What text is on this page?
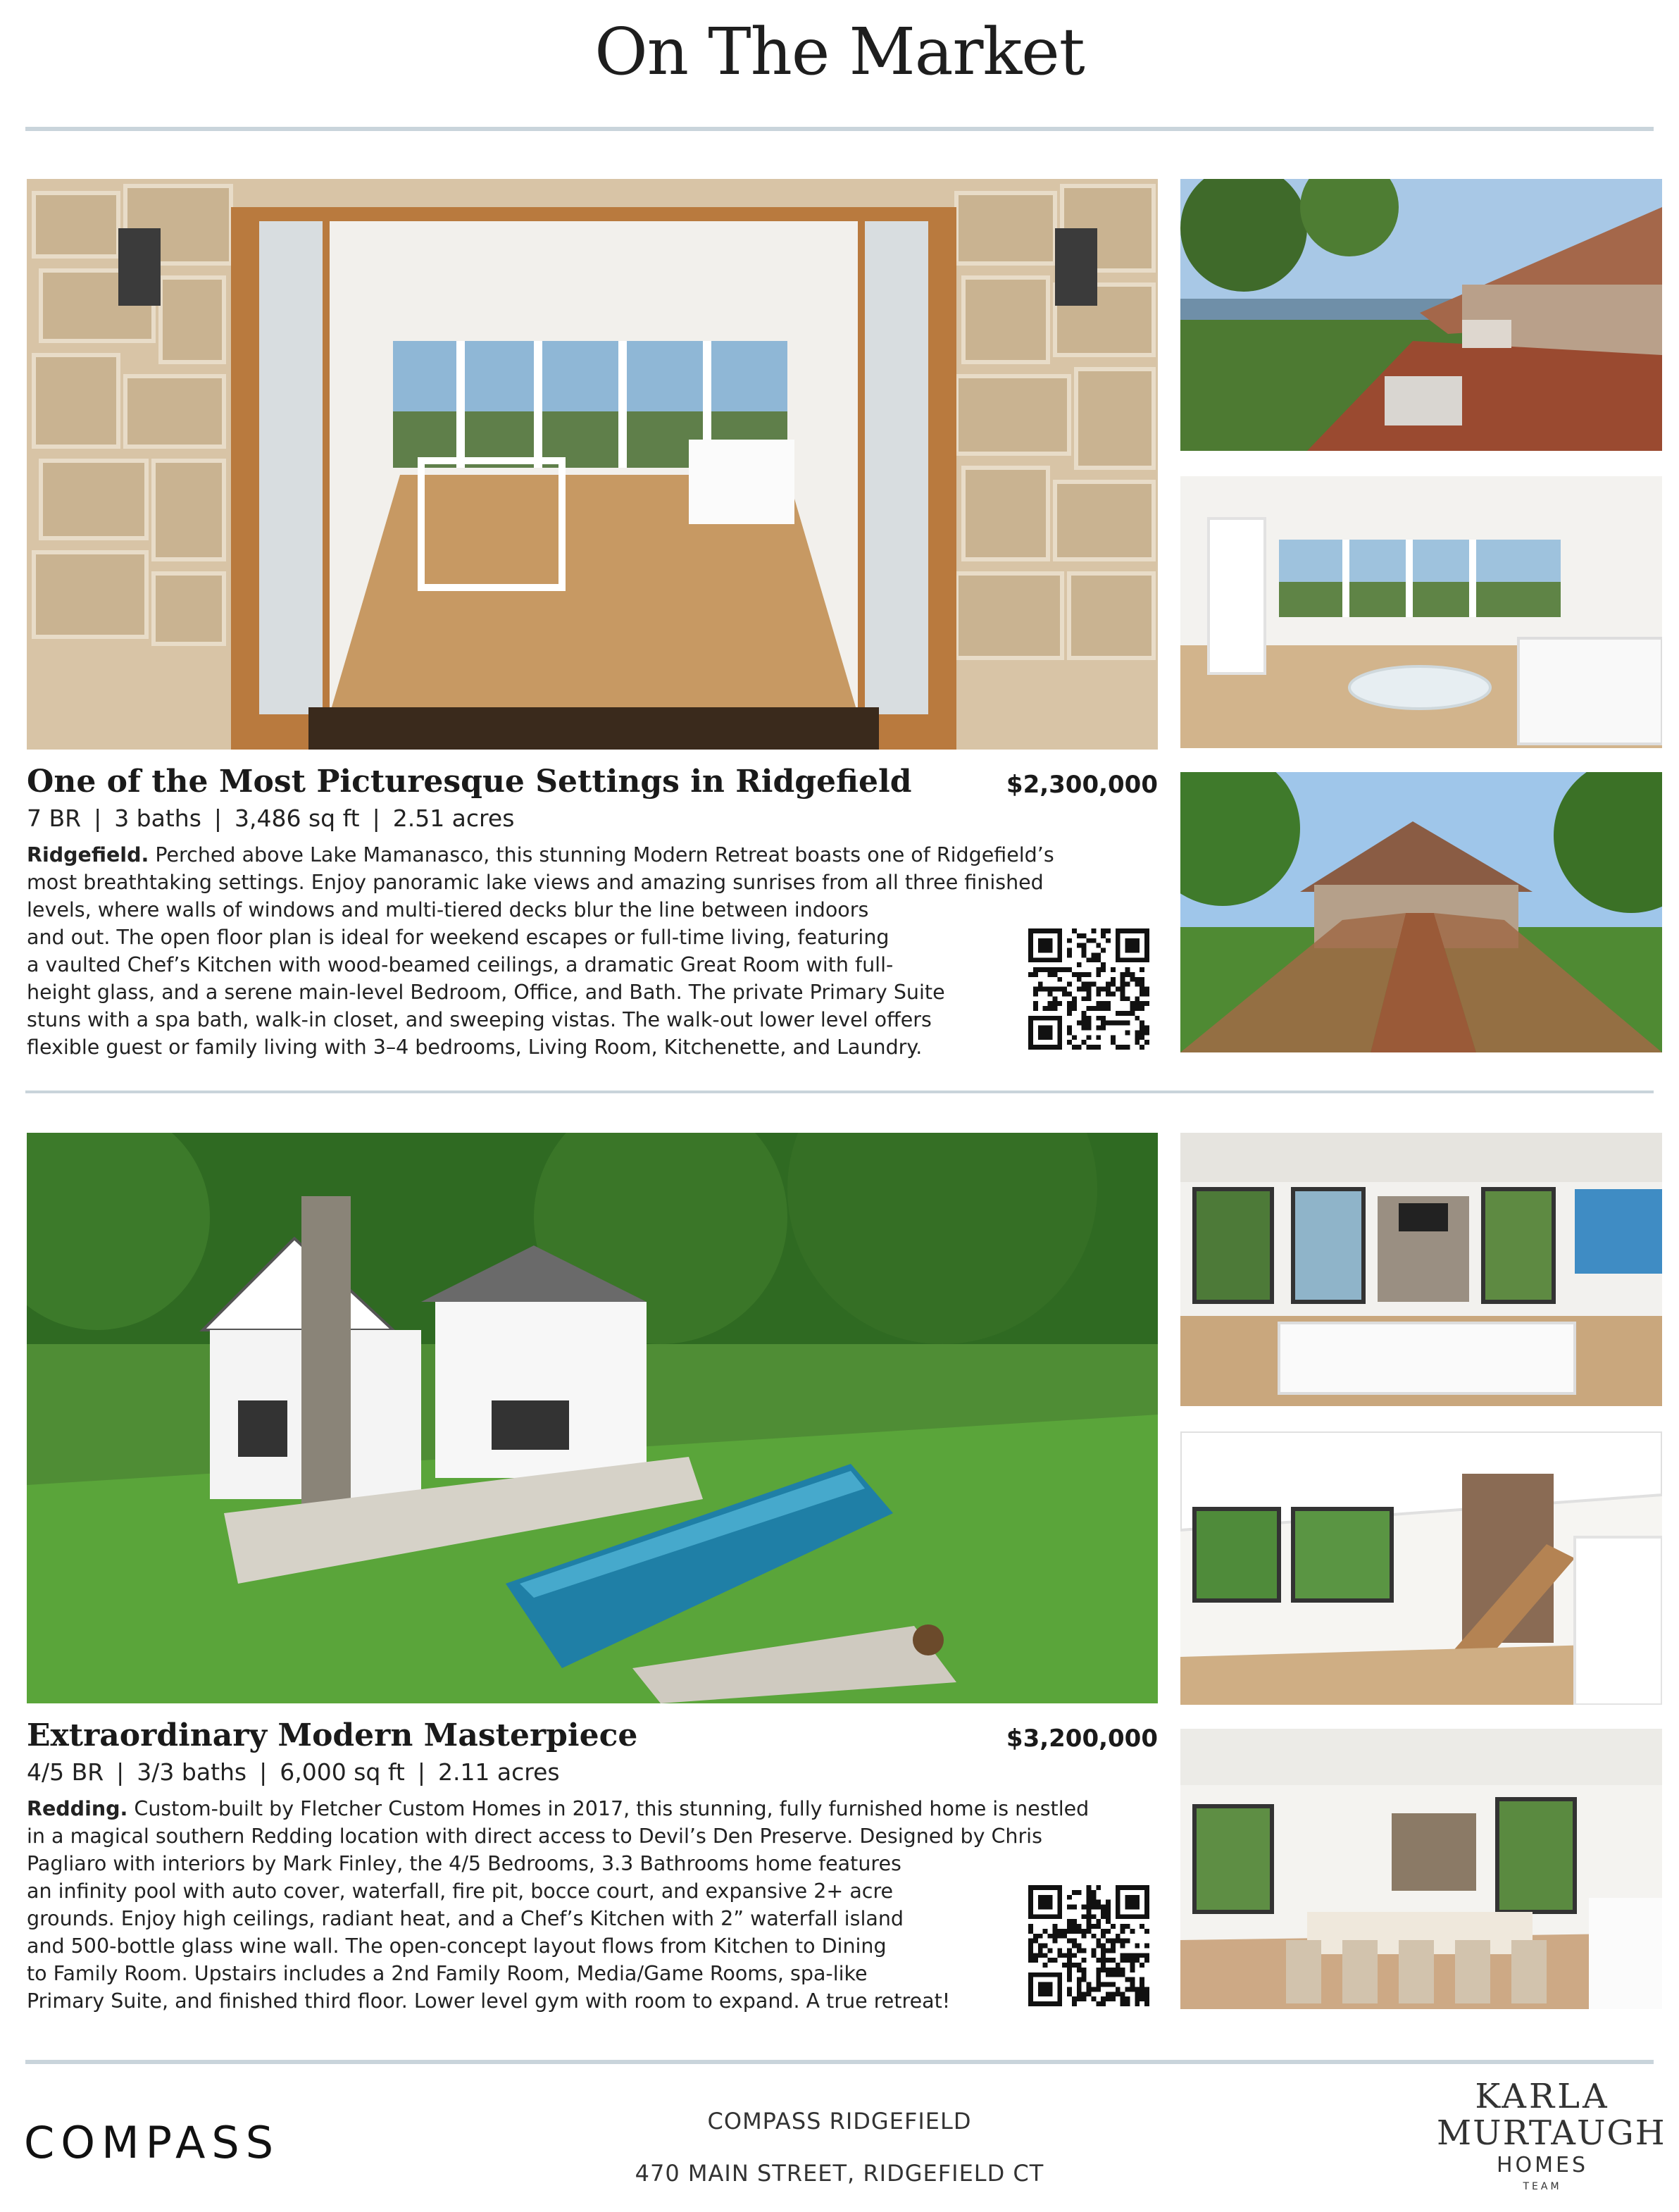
On The Market
One of the Most Picturesque Settings in Ridgefield	$2,300,000
7 BR | 3 baths | 3,486 sq ft | 2.51 acres
Ridgefield. Perched above Lake Mamanasco, this stunning Modern Retreat boasts one of Ridgefield’s
most breathtaking settings. Enjoy panoramic lake views and amazing sunrises from all three finished
levels, where walls of windows and multi-tiered decks blur the line between indoors
and out. The open floor plan is ideal for weekend escapes or full-time living, featuring
a vaulted Chef’s Kitchen with wood-beamed ceilings, a dramatic Great Room with full-
height glass, and a serene main-level Bedroom, Office, and Bath. The private Primary Suite
stuns with a spa bath, walk-in closet, and sweeping vistas. The walk-out lower level offers
flexible guest or family living with 3–4 bedrooms, Living Room, Kitchenette, and Laundry.
Extraordinary Modern Masterpiece	$3,200,000
4/5 BR | 3/3 baths | 6,000 sq ft | 2.11 acres
Redding. Custom-built by Fletcher Custom Homes in 2017, this stunning, fully furnished home is nestled
in a magical southern Redding location with direct access to Devil’s Den Preserve. Designed by Chris
Pagliaro with interiors by Mark Finley, the 4/5 Bedrooms, 3.3 Bathrooms home features
an infinity pool with auto cover, waterfall, fire pit, bocce court, and expansive 2+ acre
grounds. Enjoy high ceilings, radiant heat, and a Chef’s Kitchen with 2” waterfall island
and 500-bottle glass wine wall. The open-concept layout flows from Kitchen to Dining
to Family Room. Upstairs includes a 2nd Family Room, Media/Game Rooms, spa-like
Primary Suite, and finished third floor. Lower level gym with room to expand. A true retreat!
COMPASS	COMPASS RIDGEFIELD
470 MAIN STREET, RIDGEFIELD CT
KARLA
MURTAUGH
HOMES
TEAM
